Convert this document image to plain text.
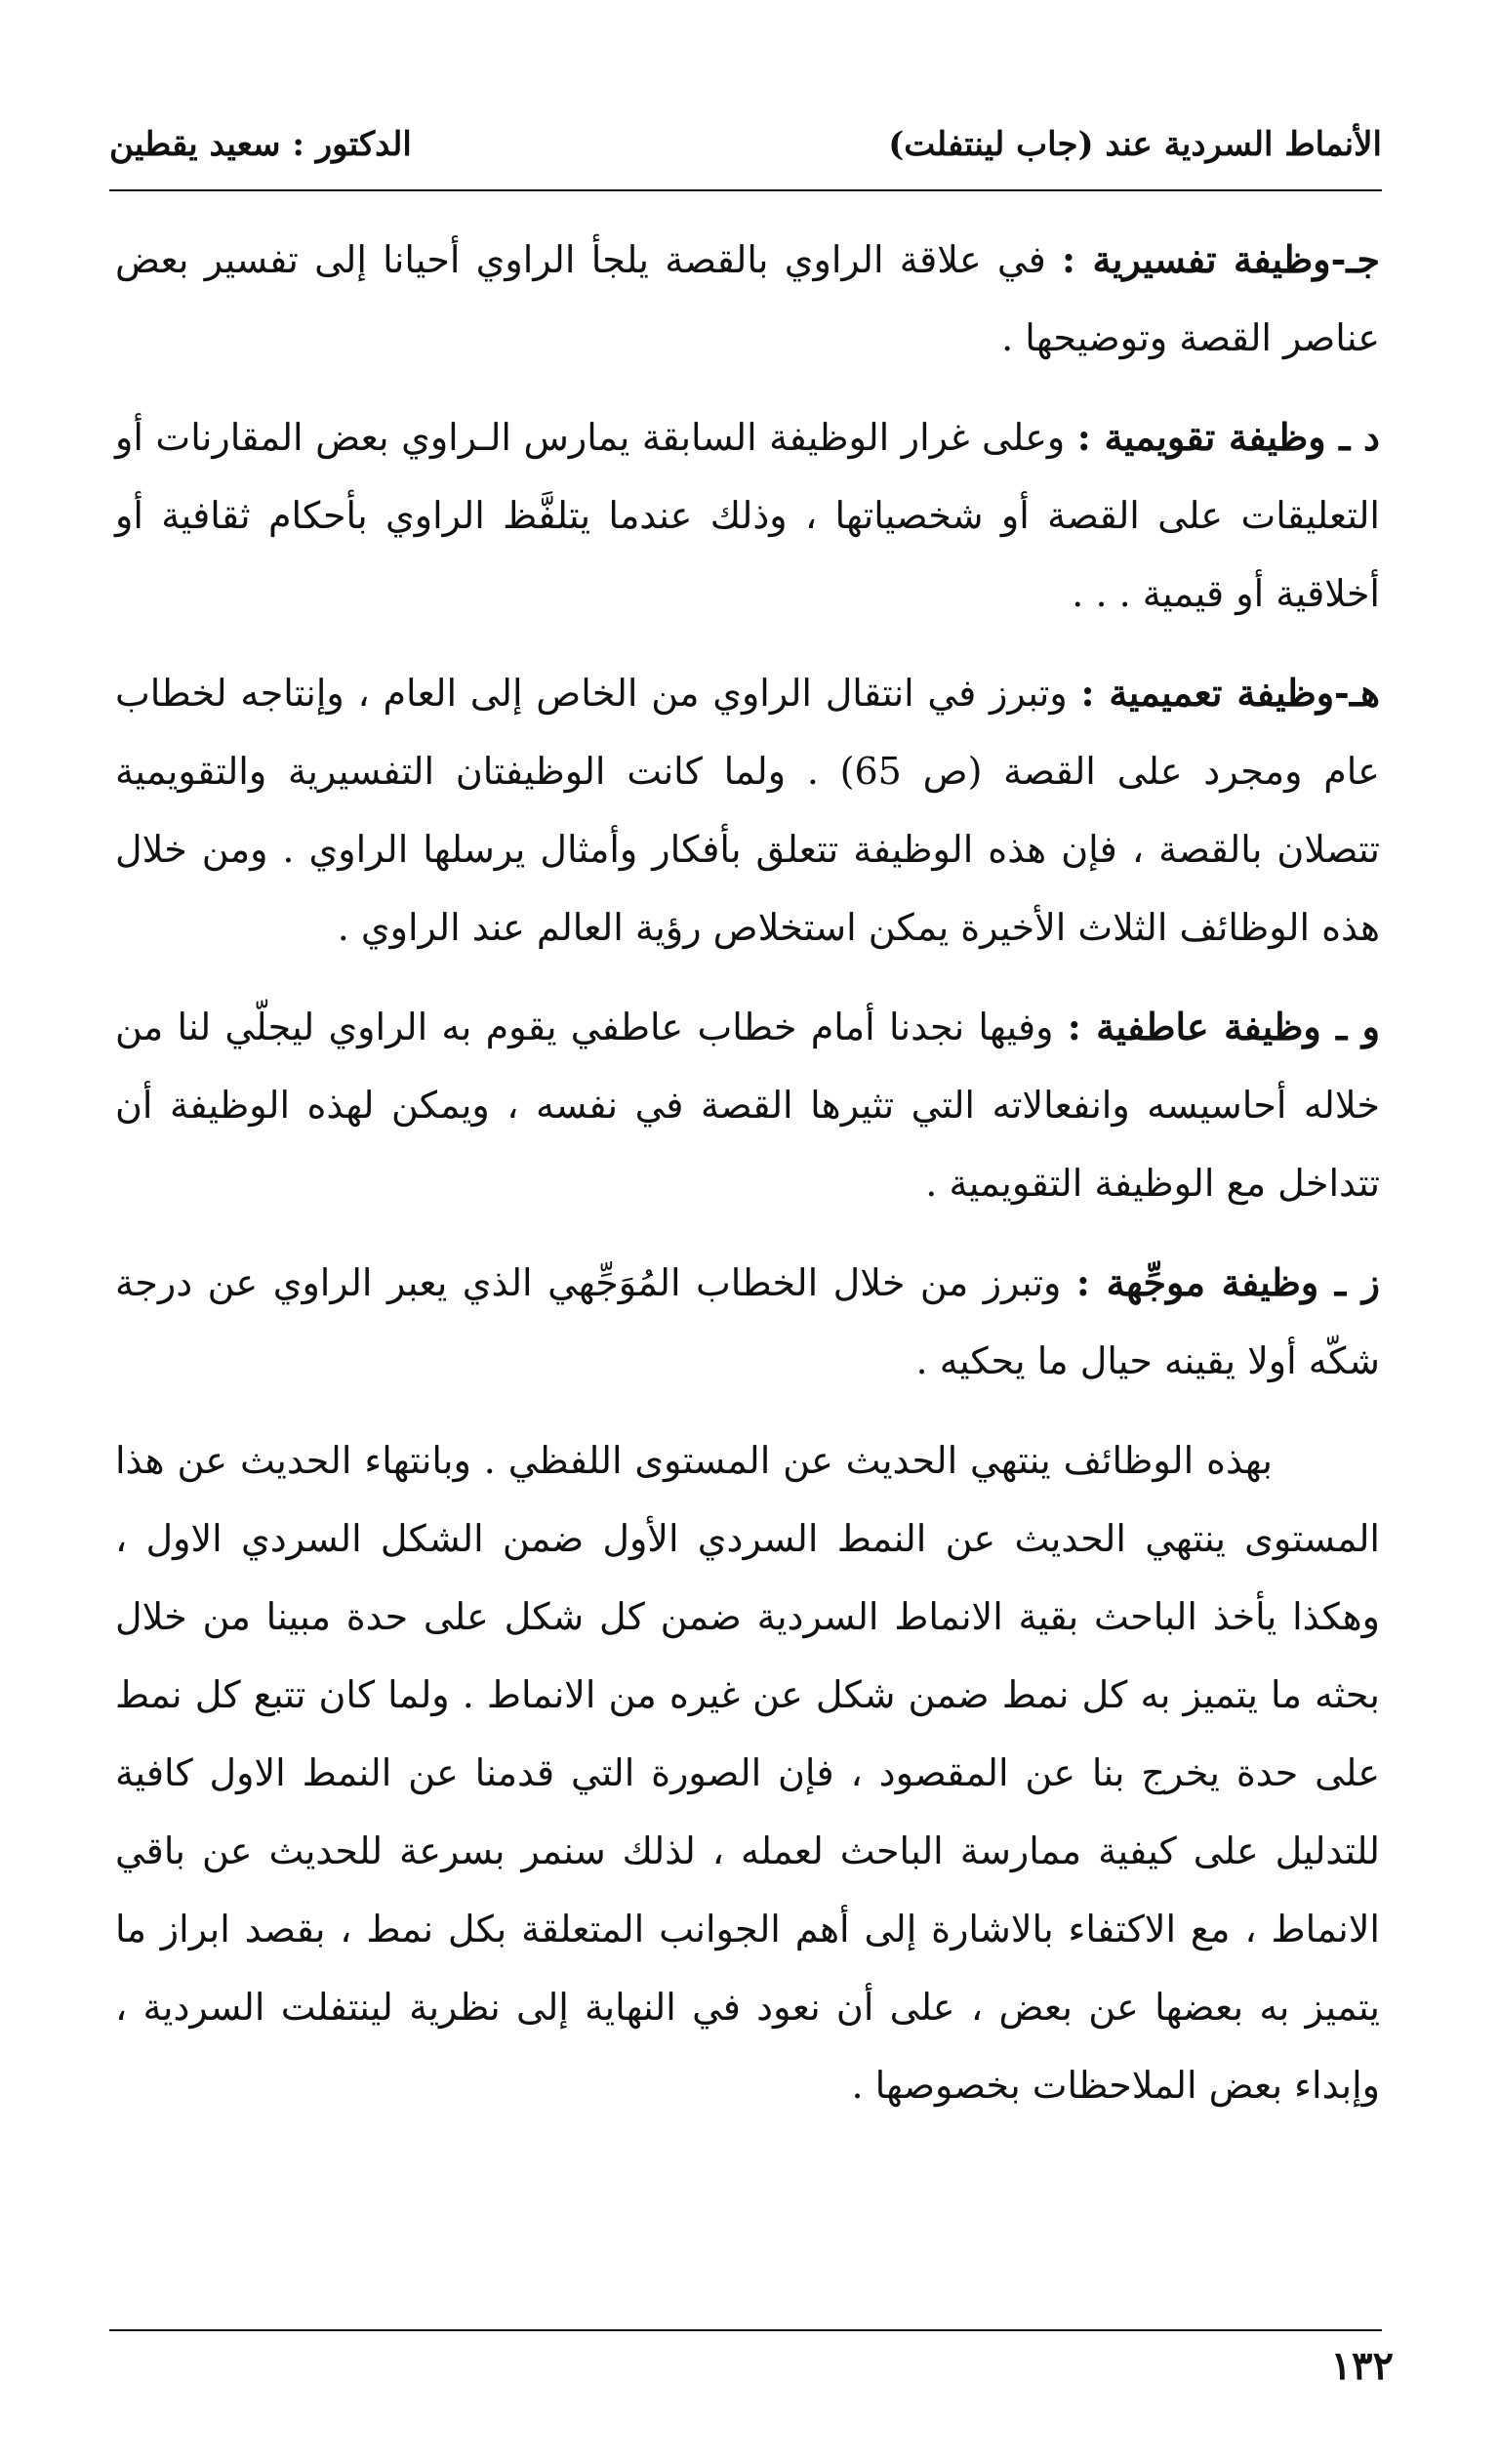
الأنماط السردية عند (جاب لينتفلت)
الدكتور : سعيد يقطين

جـ-وظيفة تفسيرية : في علاقة الراوي بالقصة يلجأ الراوي أحيانا إلى تفسير بعض عناصر القصة وتوضيحها .

د ـ وظيفة تقويمية : وعلى غرار الوظيفة السابقة يمارس الـراوي بعض المقارنات أو التعليقات على القصة أو شخصياتها ، وذلك عندما يتلفَّظ الراوي بأحكام ثقافية أو أخلاقية أو قيمية . . .

هـ-وظيفة تعميمية : وتبرز في انتقال الراوي من الخاص إلى العام ، وإنتاجه لخطاب عام ومجرد على القصة (ص 65) . ولما كانت الوظيفتان التفسيرية والتقويمية تتصلان بالقصة ، فإن هذه الوظيفة تتعلق بأفكار وأمثال يرسلها الراوي . ومن خلال هذه الوظائف الثلاث الأخيرة يمكن استخلاص رؤية العالم عند الراوي .

و ـ وظيفة عاطفية : وفيها نجدنا أمام خطاب عاطفي يقوم به الراوي ليجلّي لنا من خلاله أحاسيسه وانفعالاته التي تثيرها القصة في نفسه ، ويمكن لهذه الوظيفة أن تتداخل مع الوظيفة التقويمية .

ز ـ وظيفة موجِّهة : وتبرز من خلال الخطاب المُوَجِّهي الذي يعبر الراوي عن درجة شكّه أولا يقينه حيال ما يحكيه .

بهذه الوظائف ينتهي الحديث عن المستوى اللفظي . وبانتهاء الحديث عن هذا المستوى ينتهي الحديث عن النمط السردي الأول ضمن الشكل السردي الاول ، وهكذا يأخذ الباحث بقية الانماط السردية ضمن كل شكل على حدة مبينا من خلال بحثه ما يتميز به كل نمط ضمن شكل عن غيره من الانماط . ولما كان تتبع كل نمط على حدة يخرج بنا عن المقصود ، فإن الصورة التي قدمنا عن النمط الاول كافية للتدليل على كيفية ممارسة الباحث لعمله ، لذلك سنمر بسرعة للحديث عن باقي الانماط ، مع الاكتفاء بالاشارة إلى أهم الجوانب المتعلقة بكل نمط ، بقصد ابراز ما يتميز به بعضها عن بعض ، على أن نعود في النهاية إلى نظرية لينتفلت السردية ، وإبداء بعض الملاحظات بخصوصها .

١٣٢
